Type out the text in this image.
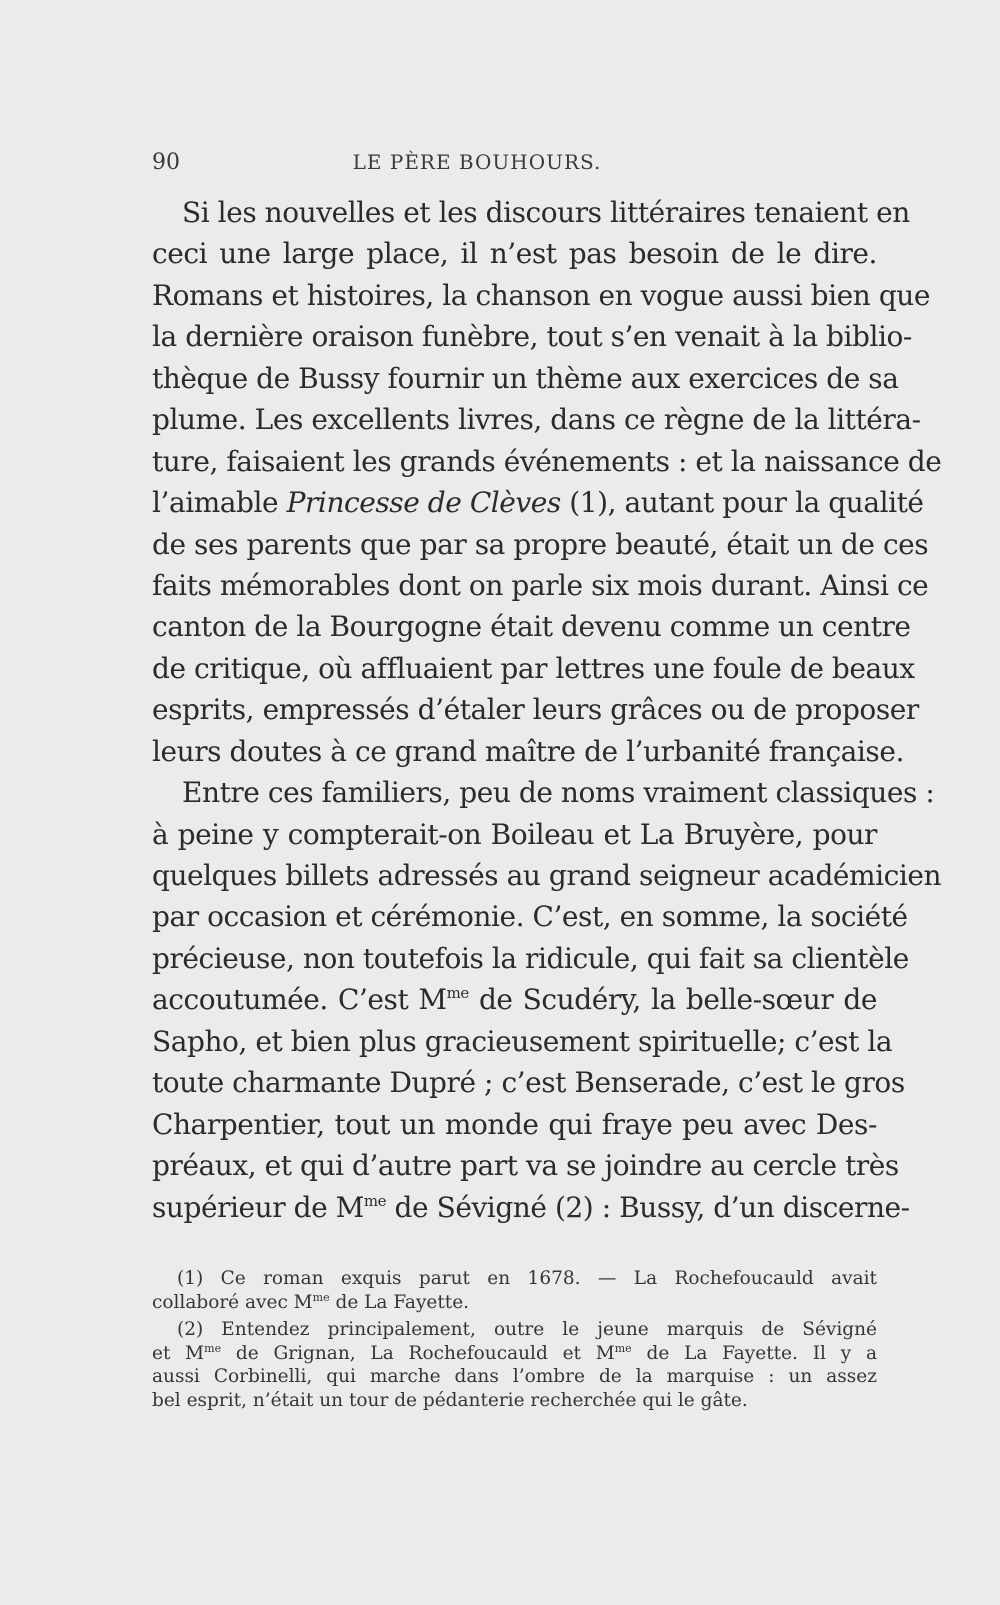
90	LE PÈRE BOUHOURS.
Si les nouvelles et les discours littéraires tenaient en
ceci une large place, il n’est pas besoin de le dire.
Romans et histoires, la chanson en vogue aussi bien que
la dernière oraison funèbre, tout s’en venait à la biblio-
thèque de Bussy fournir un thème aux exercices de sa
plume. Les excellents livres, dans ce règne de la littéra-
ture, faisaient les grands événements : et la naissance de
l’aimable Princesse de Clèves (1), autant pour la qualité
de ses parents que par sa propre beauté, était un de ces
faits mémorables dont on parle six mois durant. Ainsi ce
canton de la Bourgogne était devenu comme un centre
de critique, où affluaient par lettres une foule de beaux
esprits, empressés d’étaler leurs grâces ou de proposer
leurs doutes à ce grand maître de l’urbanité française.
Entre ces familiers, peu de noms vraiment classiques :
à peine y compterait-on Boileau et La Bruyère, pour
quelques billets adressés au grand seigneur académicien
par occasion et cérémonie. C’est, en somme, la société
précieuse, non toutefois la ridicule, qui fait sa clientèle
accoutumée. C’est $M^{me}$ de Scudéry, la belle-sœur de
Sapho, et bien plus gracieusement spirituelle; c’est la
toute charmante Dupré ; c’est Benserade, c’est le gros
Charpentier, tout un monde qui fraye peu avec Des-
préaux, et qui d’autre part va se joindre au cercle très
supérieur de $M^{me}$ de Sévigné (2) : Bussy, d’un discerne-
(1) Ce roman exquis parut en 1678. — La Rochefoucauld avait
collaboré avec $M^{me}$ de La Fayette.
(2) Entendez principalement, outre le jeune marquis de Sévigné
et $M^{me}$ de Grignan, La Rochefoucauld et $M^{me}$ de La Fayette. Il y a
aussi Corbinelli, qui marche dans l’ombre de la marquise : un assez
bel esprit, n’était un tour de pédanterie recherchée qui le gâte.
